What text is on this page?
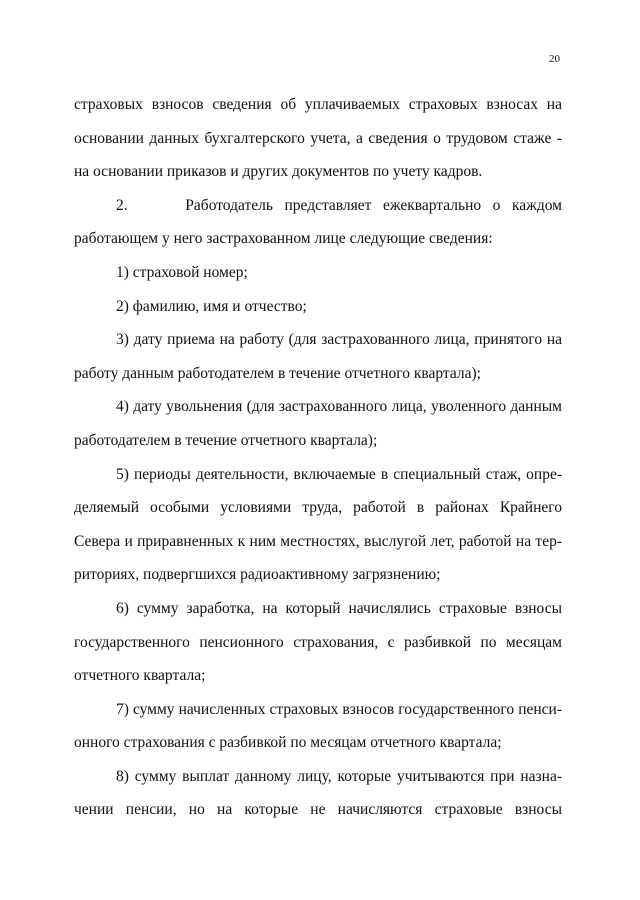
20

страховых взносов сведения об уплачиваемых страховых взносах на
основании данных бухгалтерского учета, а сведения о трудовом стаже -
на основании приказов и других документов по учету кадров.

2.     Работодатель представляет ежеквартально о каждом
работающем у него застрахованном лице следующие сведения:

1) страховой номер;

2) фамилию, имя и отчество;

3) дату приема на работу (для застрахованного лица, принятого на
работу данным работодателем в течение отчетного квартала);

4) дату увольнения (для застрахованного лица, уволенного данным
работодателем в течение отчетного квартала);

5) периоды деятельности, включаемые в специальный стаж, опре-
деляемый особыми условиями труда, работой в районах Крайнего
Севера и приравненных к ним местностях, выслугой лет, работой на тер-
риториях, подвергшихся радиоактивному загрязнению;

6) сумму заработка, на который начислялись страховые взносы
государственного пенсионного страхования, с разбивкой по месяцам
отчетного квартала;

7) сумму начисленных страховых взносов государственного пенси-
онного страхования с разбивкой по месяцам отчетного квартала;

8) сумму выплат данному лицу, которые учитываются при назна-
чении пенсии, но на которые не начисляются страховые взносы
